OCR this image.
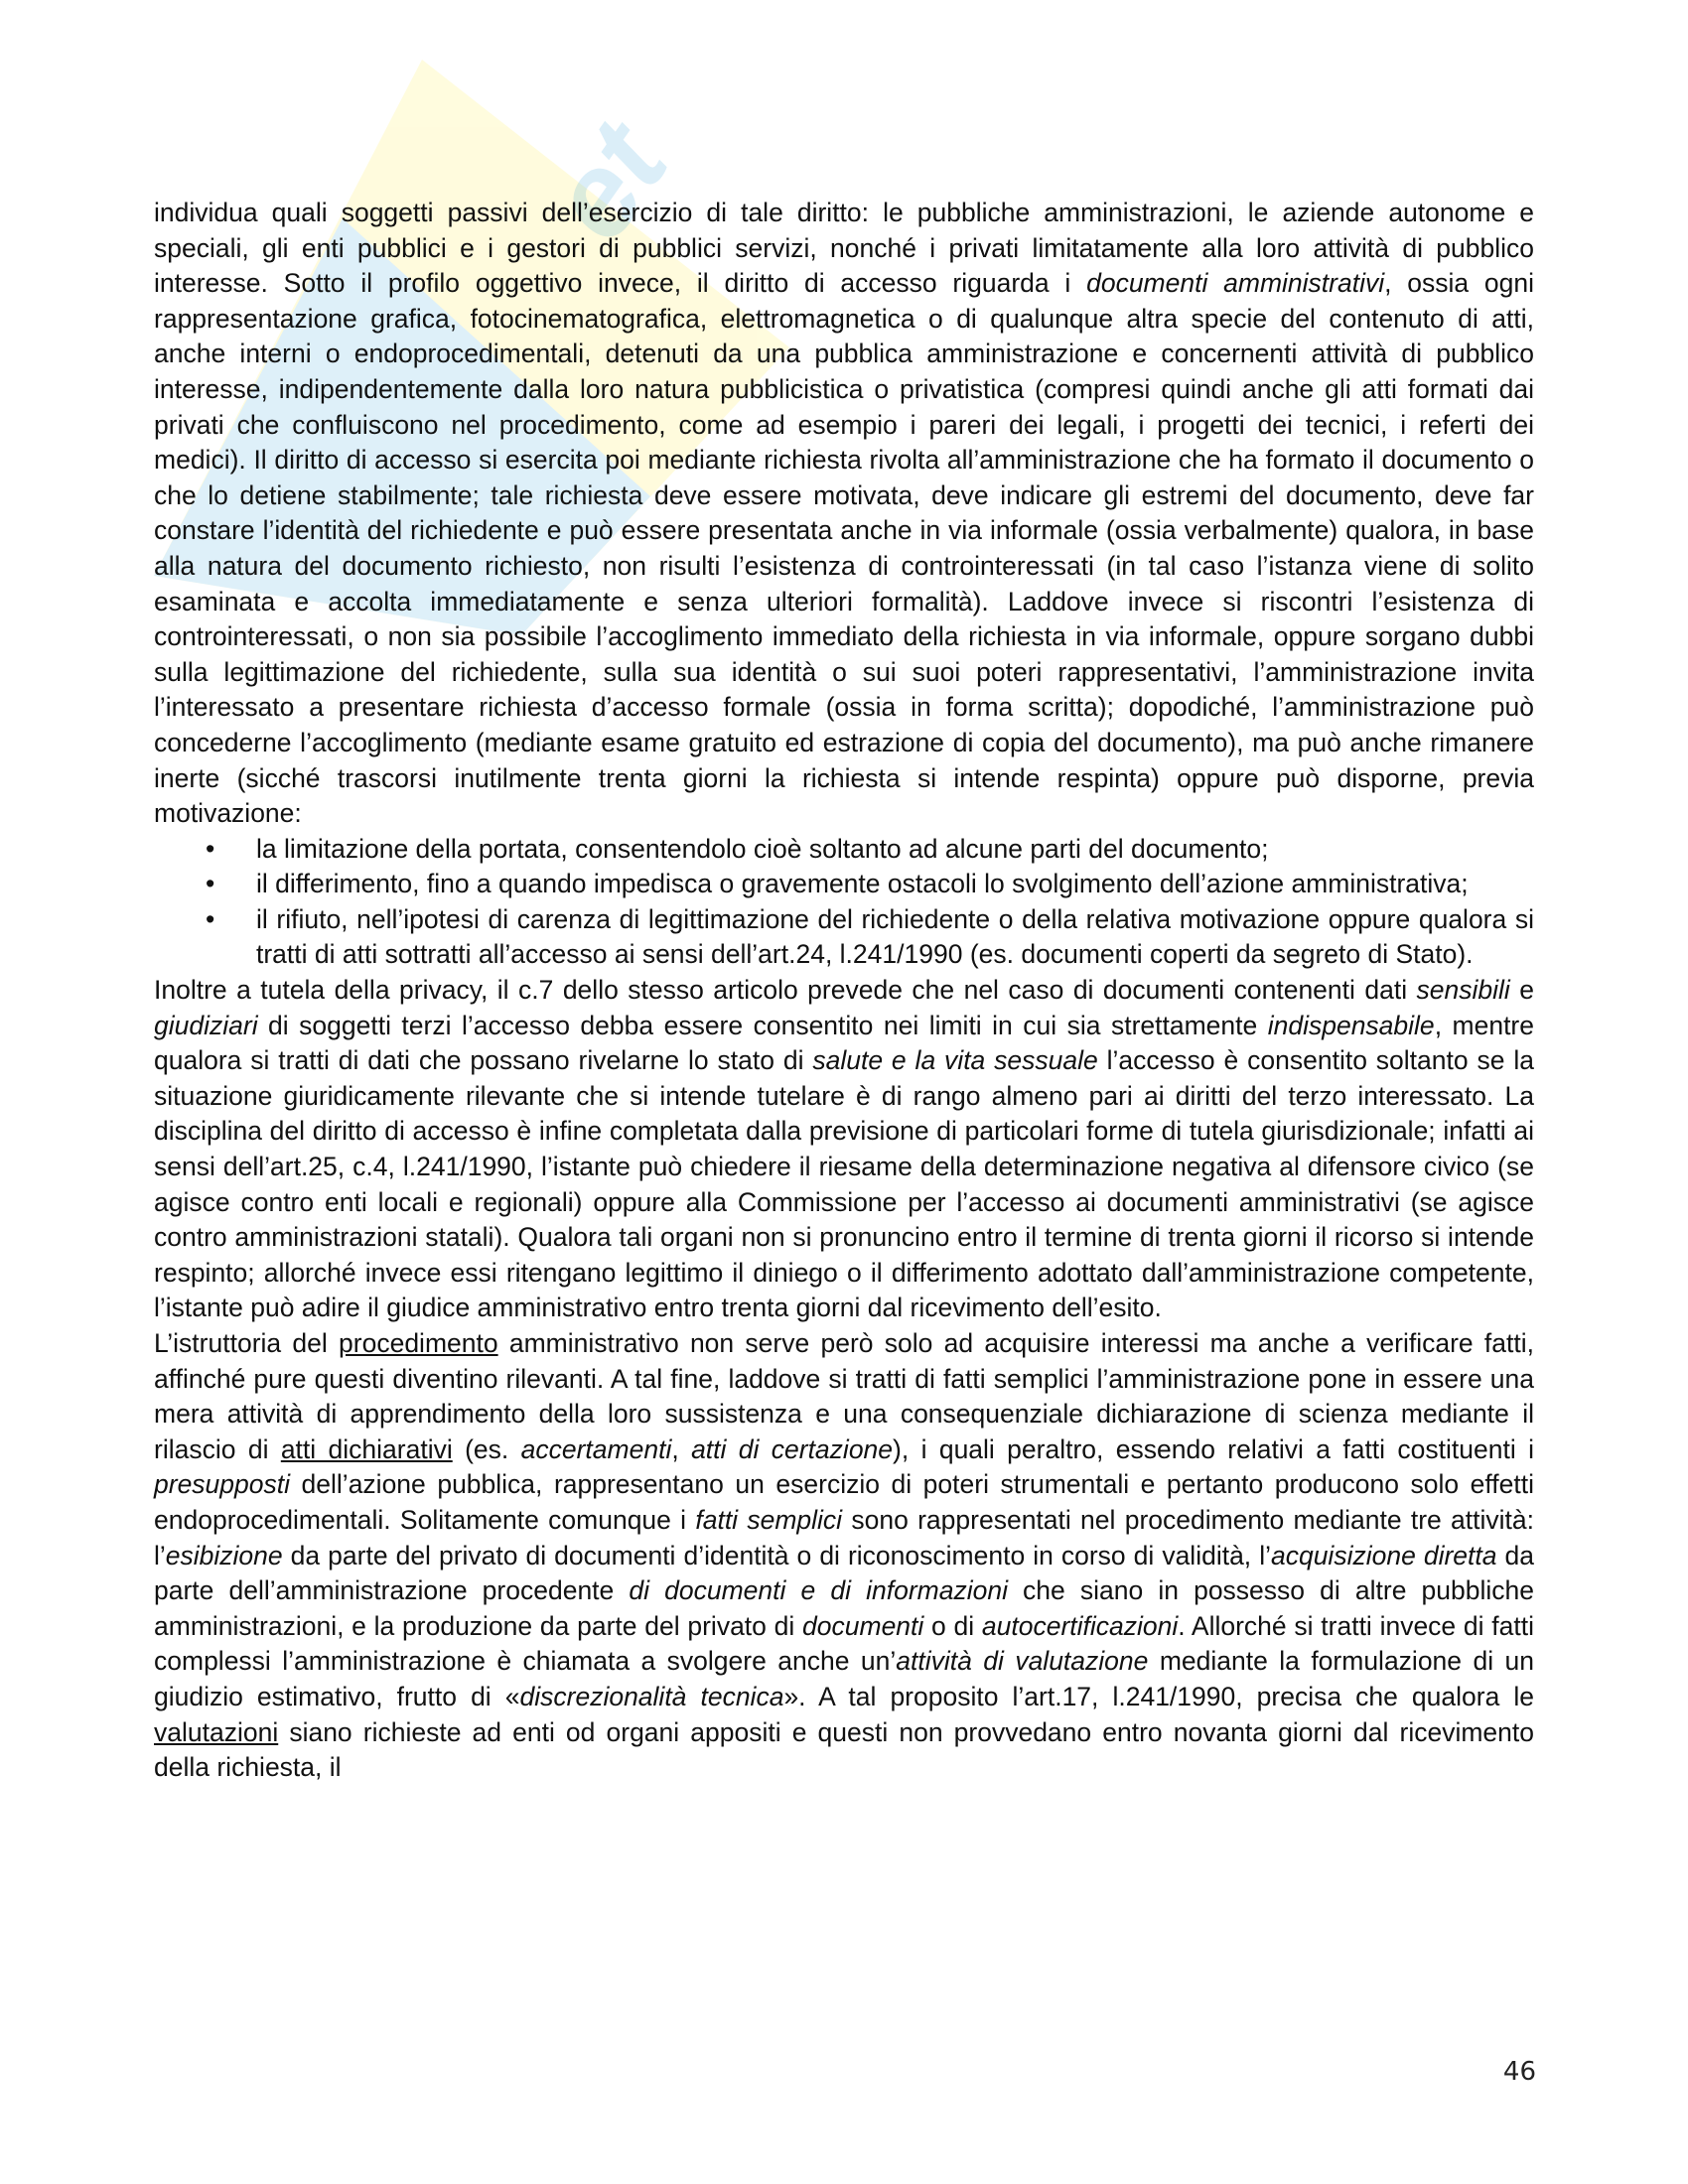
et

individua quali soggetti passivi dell’esercizio di tale diritto: le pubbliche amministrazioni, le aziende autonome e speciali, gli enti pubblici e i gestori di pubblici servizi, nonché i privati limitatamente alla loro attività di pubblico interesse. Sotto il profilo oggettivo invece, il diritto di accesso riguarda i documenti amministrativi, ossia ogni rappresentazione grafica, fotocinematografica, elettromagnetica o di qualunque altra specie del contenuto di atti, anche interni o endoprocedimentali, detenuti da una pubblica amministrazione e concernenti attività di pubblico interesse, indipendentemente dalla loro natura pubblicistica o privatistica (compresi quindi anche gli atti formati dai privati che confluiscono nel procedimento, come ad esempio i pareri dei legali, i progetti dei tecnici, i referti dei medici). Il diritto di accesso si esercita poi mediante richiesta rivolta all’amministrazione che ha formato il documento o che lo detiene stabilmente; tale richiesta deve essere motivata, deve indicare gli estremi del documento, deve far constare l’identità del richiedente e può essere presentata anche in via informale (ossia verbalmente) qualora, in base alla natura del documento richiesto, non risulti l’esistenza di controinteressati (in tal caso l’istanza viene di solito esaminata e accolta immediatamente e senza ulteriori formalità). Laddove invece si riscontri l’esistenza di controinteressati, o non sia possibile l’accoglimento immediato della richiesta in via informale, oppure sorgano dubbi sulla legittimazione del richiedente, sulla sua identità o sui suoi poteri rappresentativi, l’amministrazione invita l’interessato a presentare richiesta d’accesso formale (ossia in forma scritta); dopodiché, l’amministrazione può concederne l’accoglimento (mediante esame gratuito ed estrazione di copia del documento), ma può anche rimanere inerte (sicché trascorsi inutilmente trenta giorni la richiesta si intende respinta) oppure può disporne, previa motivazione:

• la limitazione della portata, consentendolo cioè soltanto ad alcune parti del documento;
• il differimento, fino a quando impedisca o gravemente ostacoli lo svolgimento dell’azione amministrativa;
• il rifiuto, nell’ipotesi di carenza di legittimazione del richiedente o della relativa motivazione oppure qualora si tratti di atti sottratti all’accesso ai sensi dell’art.24, l.241/1990 (es. documenti coperti da segreto di Stato).

Inoltre a tutela della privacy, il c.7 dello stesso articolo prevede che nel caso di documenti contenenti dati sensibili e giudiziari di soggetti terzi l’accesso debba essere consentito nei limiti in cui sia strettamente indispensabile, mentre qualora si tratti di dati che possano rivelarne lo stato di salute e la vita sessuale l’accesso è consentito soltanto se la situazione giuridicamente rilevante che si intende tutelare è di rango almeno pari ai diritti del terzo interessato. La disciplina del diritto di accesso è infine completata dalla previsione di particolari forme di tutela giurisdizionale; infatti ai sensi dell’art.25, c.4, l.241/1990, l’istante può chiedere il riesame della determinazione negativa al difensore civico (se agisce contro enti locali e regionali) oppure alla Commissione per l’accesso ai documenti amministrativi (se agisce contro amministrazioni statali). Qualora tali organi non si pronuncino entro il termine di trenta giorni il ricorso si intende respinto; allorché invece essi ritengano legittimo il diniego o il differimento adottato dall’amministrazione competente, l’istante può adire il giudice amministrativo entro trenta giorni dal ricevimento dell’esito.

L’istruttoria del procedimento amministrativo non serve però solo ad acquisire interessi ma anche a verificare fatti, affinché pure questi diventino rilevanti. A tal fine, laddove si tratti di fatti semplici l’amministrazione pone in essere una mera attività di apprendimento della loro sussistenza e una consequenziale dichiarazione di scienza mediante il rilascio di atti dichiarativi (es. accertamenti, atti di certazione), i quali peraltro, essendo relativi a fatti costituenti i presupposti dell’azione pubblica, rappresentano un esercizio di poteri strumentali e pertanto producono solo effetti endoprocedimentali. Solitamente comunque i fatti semplici sono rappresentati nel procedimento mediante tre attività: l’esibizione da parte del privato di documenti d’identità o di riconoscimento in corso di validità, l’acquisizione diretta da parte dell’amministrazione procedente di documenti e di informazioni che siano in possesso di altre pubbliche amministrazioni, e la produzione da parte del privato di documenti o di autocertificazioni. Allorché si tratti invece di fatti complessi l’amministrazione è chiamata a svolgere anche un’attività di valutazione mediante la formulazione di un giudizio estimativo, frutto di «discrezionalità tecnica». A tal proposito l’art.17, l.241/1990, precisa che qualora le valutazioni siano richieste ad enti od organi appositi e questi non provvedano entro novanta giorni dal ricevimento della richiesta, il

46
